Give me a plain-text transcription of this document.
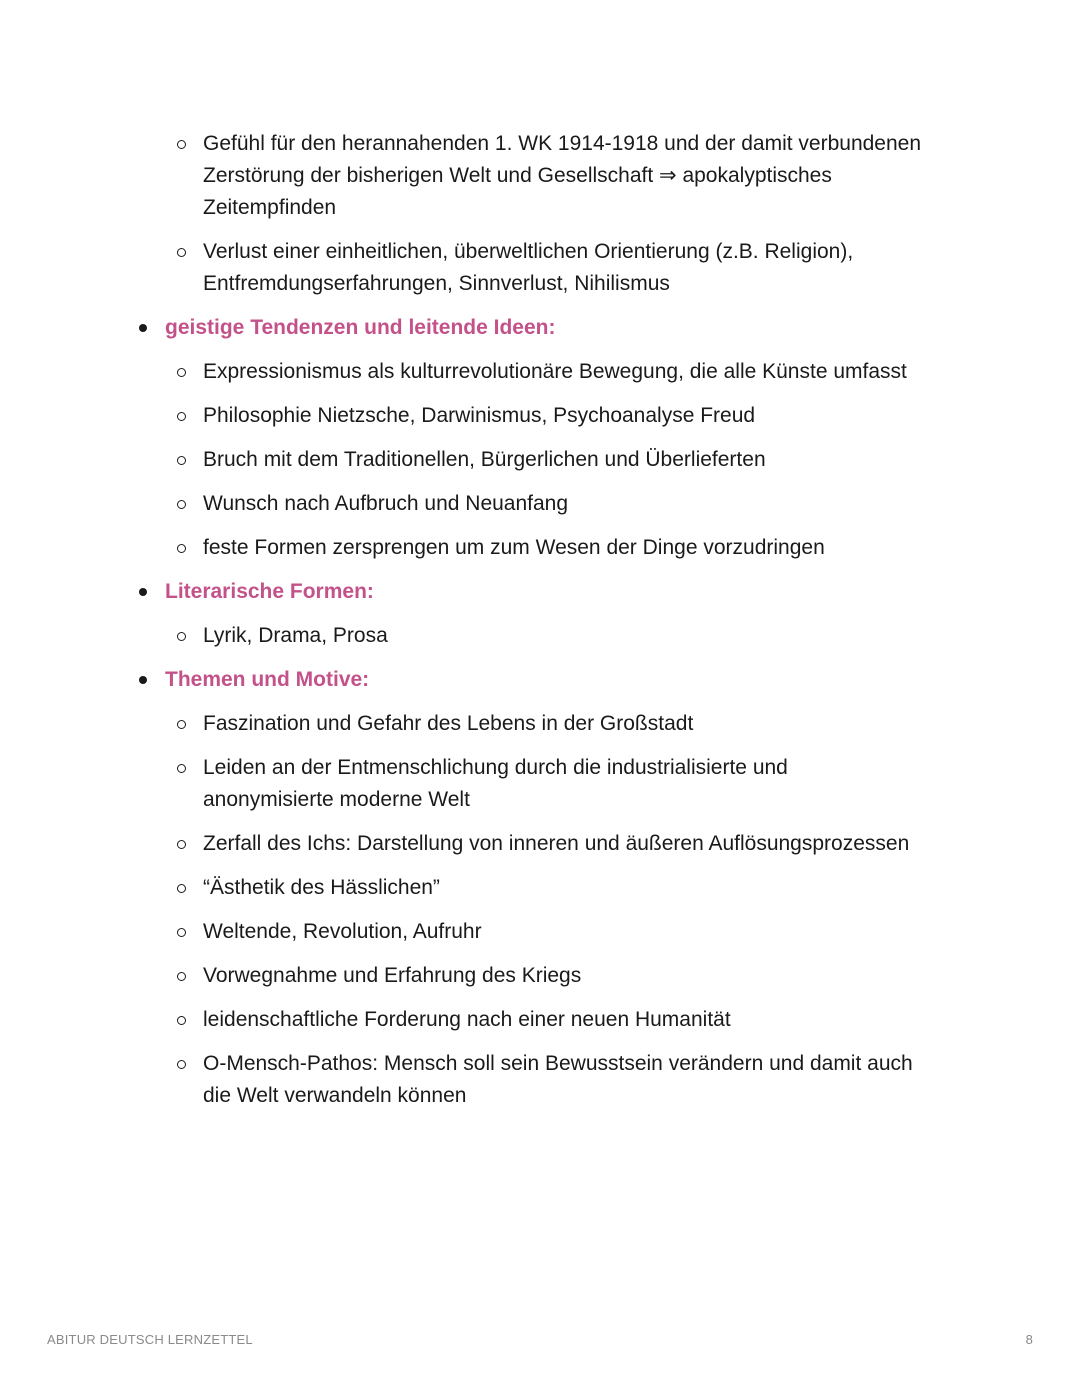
Gefühl für den herannahenden 1. WK 1914-1918 und der damit verbundenen Zerstörung der bisherigen Welt und Gesellschaft ⇒ apokalyptisches Zeitempfinden
Verlust einer einheitlichen, überweltlichen Orientierung (z.B. Religion), Entfremdungserfahrungen, Sinnverlust, Nihilismus
geistige Tendenzen und leitende Ideen:
Expressionismus als kulturrevolutionäre Bewegung, die alle Künste umfasst
Philosophie Nietzsche, Darwinismus, Psychoanalyse Freud
Bruch mit dem Traditionellen, Bürgerlichen und Überlieferten
Wunsch nach Aufbruch und Neuanfang
feste Formen zersprengen um zum Wesen der Dinge vorzudringen
Literarische Formen:
Lyrik, Drama, Prosa
Themen und Motive:
Faszination und Gefahr des Lebens in der Großstadt
Leiden an der Entmenschlichung durch die industrialisierte und anonymisierte moderne Welt
Zerfall des Ichs: Darstellung von inneren und äußeren Auflösungsprozessen
“Ästhetik des Hässlichen”
Weltende, Revolution, Aufruhr
Vorwegnahme und Erfahrung des Kriegs
leidenschaftliche Forderung nach einer neuen Humanität
O-Mensch-Pathos: Mensch soll sein Bewusstsein verändern und damit auch die Welt verwandeln können
ABITUR DEUTSCH LERNZETTEL	8
